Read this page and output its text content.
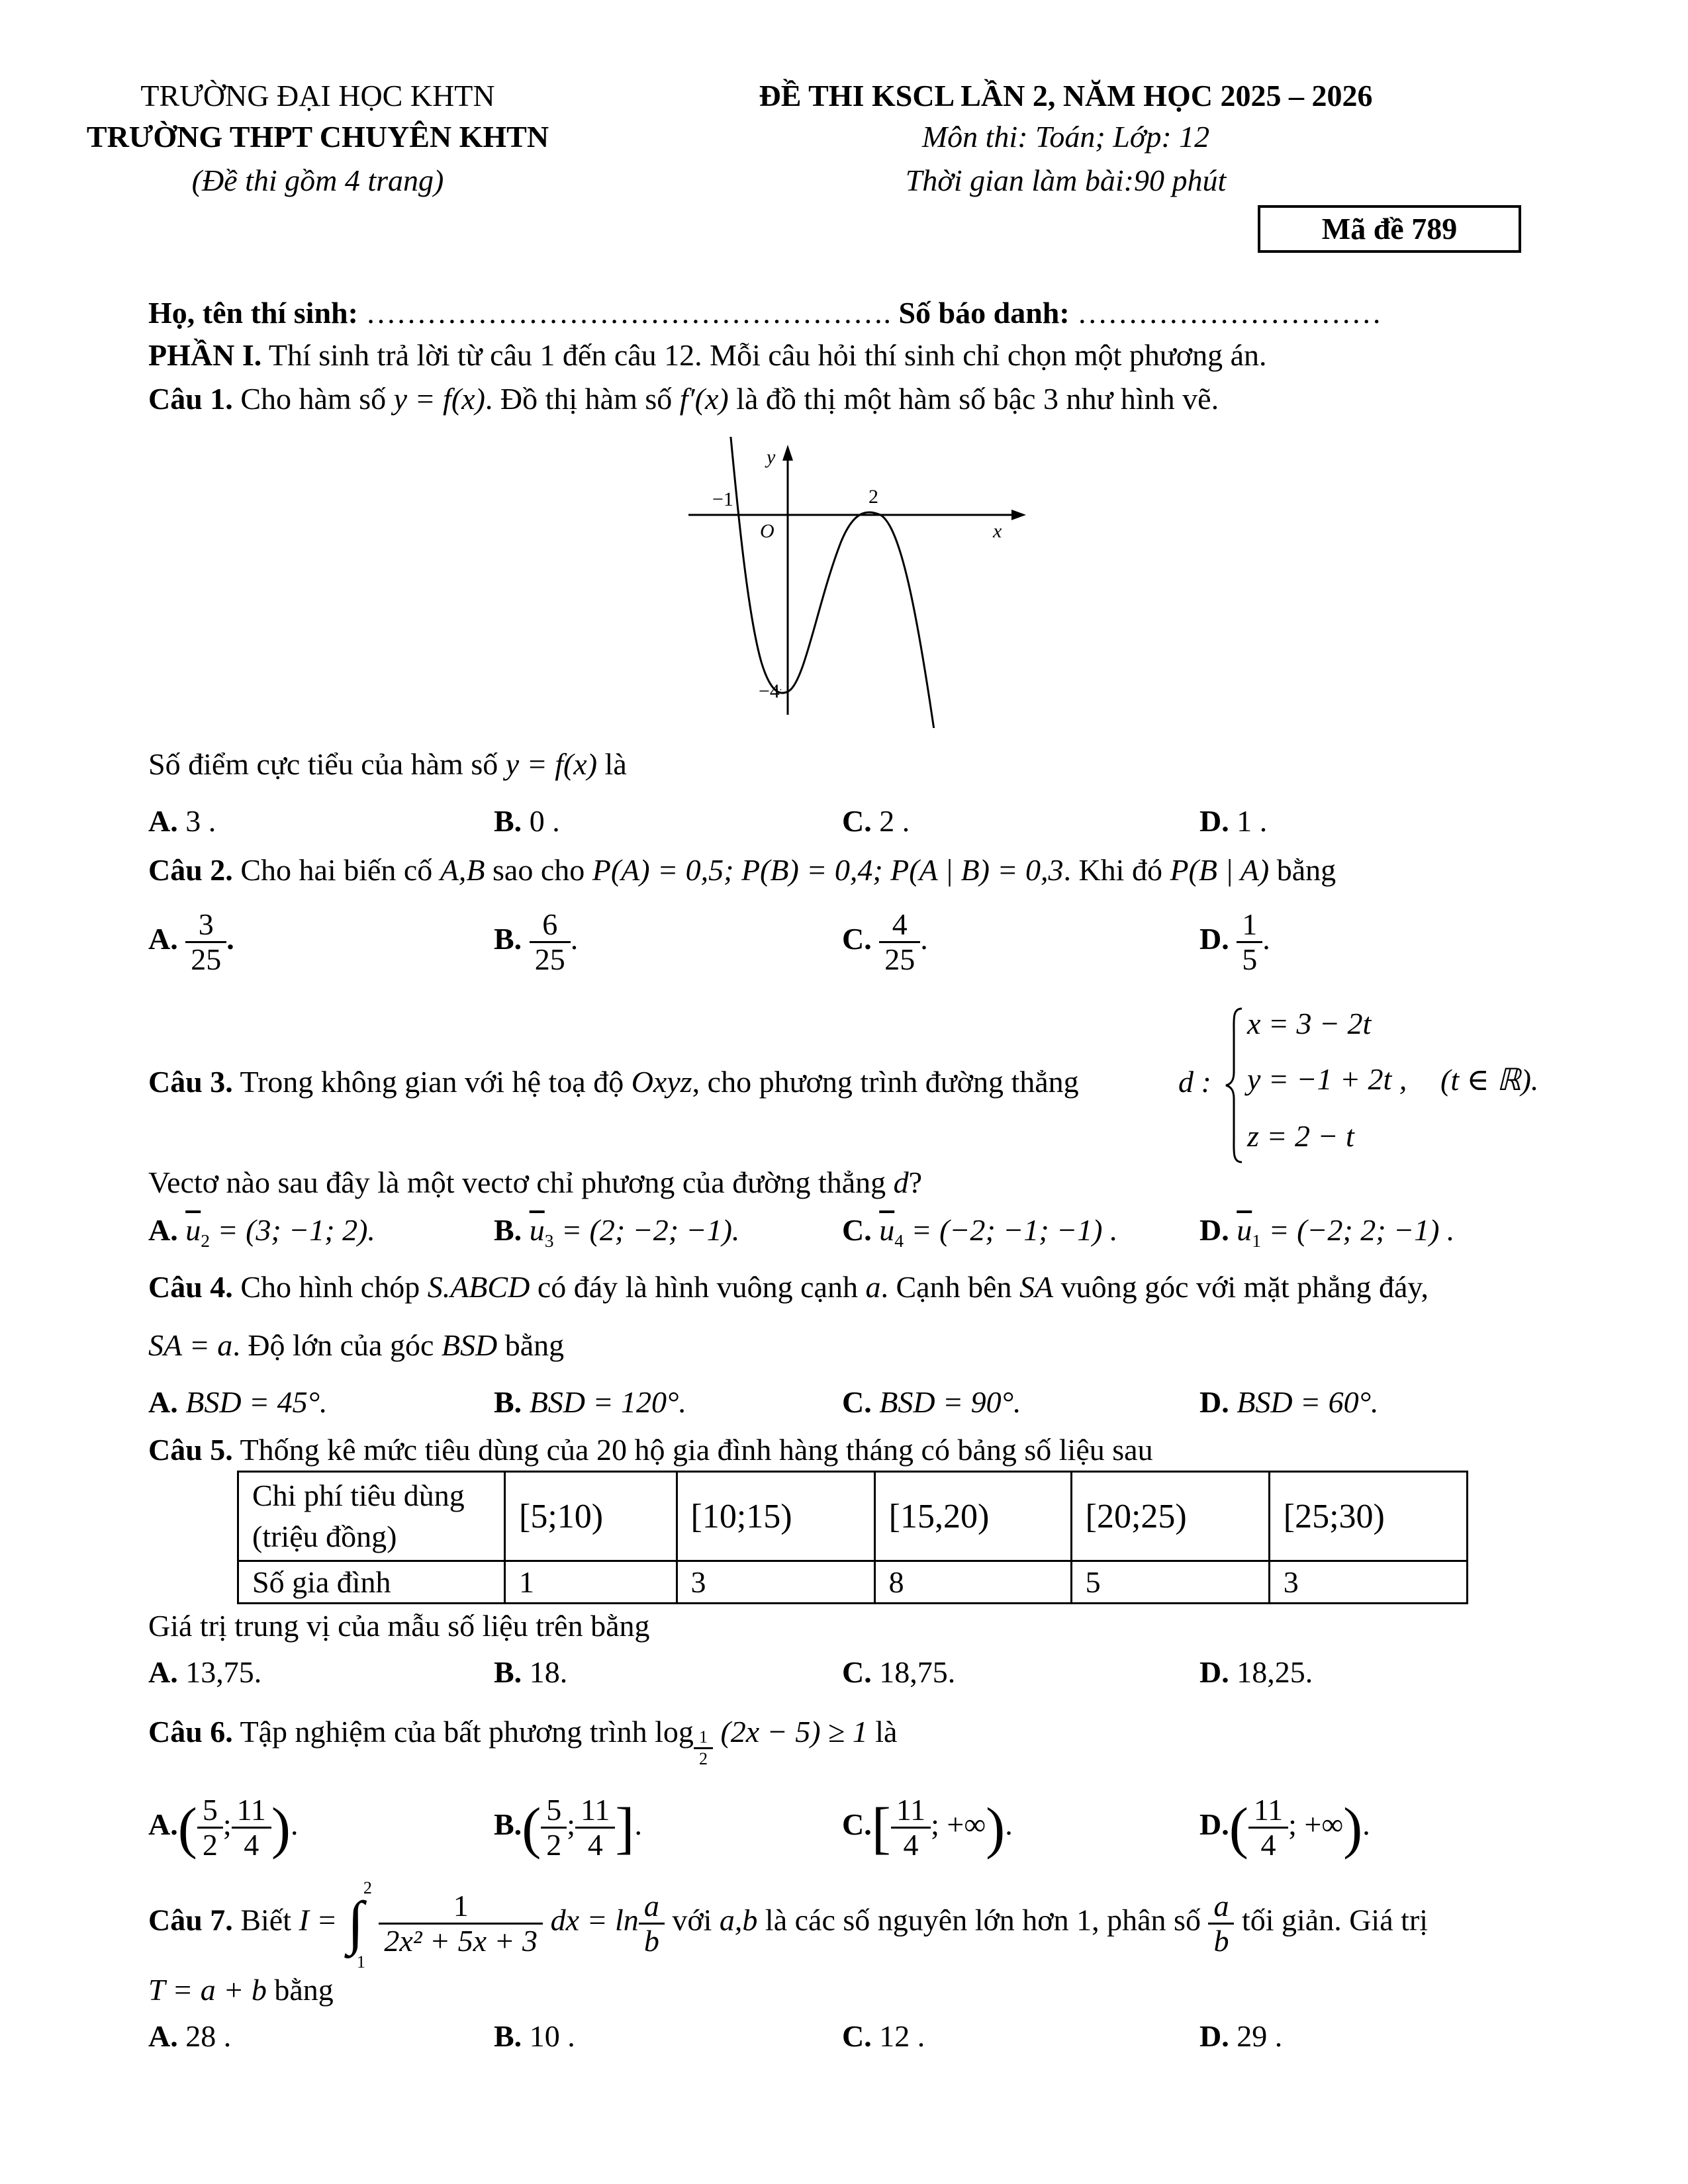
TRƯỜNG ĐẠI HỌC KHTN
TRƯỜNG THPT CHUYÊN KHTN
(Đề thi gồm 4 trang)
ĐỀ THI KSCL LẦN 2, NĂM HỌC 2025 – 2026
Môn thi: Toán; Lớp: 12
Thời gian làm bài:90 phút
Mã đề 789
Họ, tên thí sinh: ……………………………………………. Số báo danh: …………………………
PHẦN I. Thí sinh trả lời từ câu 1 đến câu 12. Mỗi câu hỏi thí sinh chỉ chọn một phương án.
Câu 1. Cho hàm số y = f(x). Đồ thị hàm số f′(x) là đồ thị một hàm số bậc 3 như hình vẽ.
y
x
O
−1	2
−4
Số điểm cực tiểu của hàm số y = f(x) là
A. 3 .	B. 0 .	C. 2 .	D. 1 .
Câu 2. Cho hai biến cố A,B sao cho P(A) = 0,5; P(B) = 0,4; P(A | B) = 0,3. Khi đó P(B | A) bằng
A. $\frac{3}{25}$ .	B. $\frac{6}{25}$ .	C. $\frac{4}{25}$ .	D. $\frac{1}{5}$ .
Câu 3. Trong không gian với hệ toạ độ Oxyz, cho phương trình đường thẳng	d :
x = 3 − 2t
y = −1 + 2t , (t ∈ ℝ).
z = 2 − t
Vectơ nào sau đây là một vectơ chỉ phương của đường thẳng d?
A. $\overline{u}_2 = (3$; −1; 2).	B. $\overline{u}_3 = (2$; −2; −1).	C. $\overline{u}_4 = (-2$; −1; −1) .	D. $\overline{u}_1 = (-2$; 2; −1) .
Câu 4. Cho hình chóp S.ABCD có đáy là hình vuông cạnh a. Cạnh bên SA vuông góc với mặt phẳng đáy,
SA = a. Độ lớn của góc BSD bằng
A. BSD = 45°.	B. BSD = 120°.	C. BSD = 90°.	D. BSD = 60°.
Câu 5. Thống kê mức tiêu dùng của 20 hộ gia đình hàng tháng có bảng số liệu sau
Chi phí tiêu dùng
(triệu đồng)	[5;10)	[10;15)	[15,20)	[20;25)	[25;30)
Số gia đình	1	3	8	5	3
Giá trị trung vị của mẫu số liệu trên bằng
A. 13,75.	B. 18.	C. 18,75.	D. 18,25.
Câu 6. Tập nghiệm của bất phương trình $\log \frac{1}{2} (2x - 5) \ge 1$ là
$A.( \frac{5}{2}$ ; $\frac{11}{4}$ ).	$B.( \frac{5}{2}$ ; $\frac{11}{4}$ ].	$C.[ \frac{11}{4}$ ; +∞).	$D.( \frac{11}{4}$ ; +∞).
Câu 7. Biết I = ∫
2
1

$\frac{1}{\text{2x² + 5x + 3}}$ dx = $\ln \frac{a}{b}$ với a,b là các số nguyên lớn hơn 1, phân số $\frac{a}{b}$ tối giản. Giá trị
T = a + b bằng
A. 28 .	B. 10 .	C. 12 .	D. 29 .
